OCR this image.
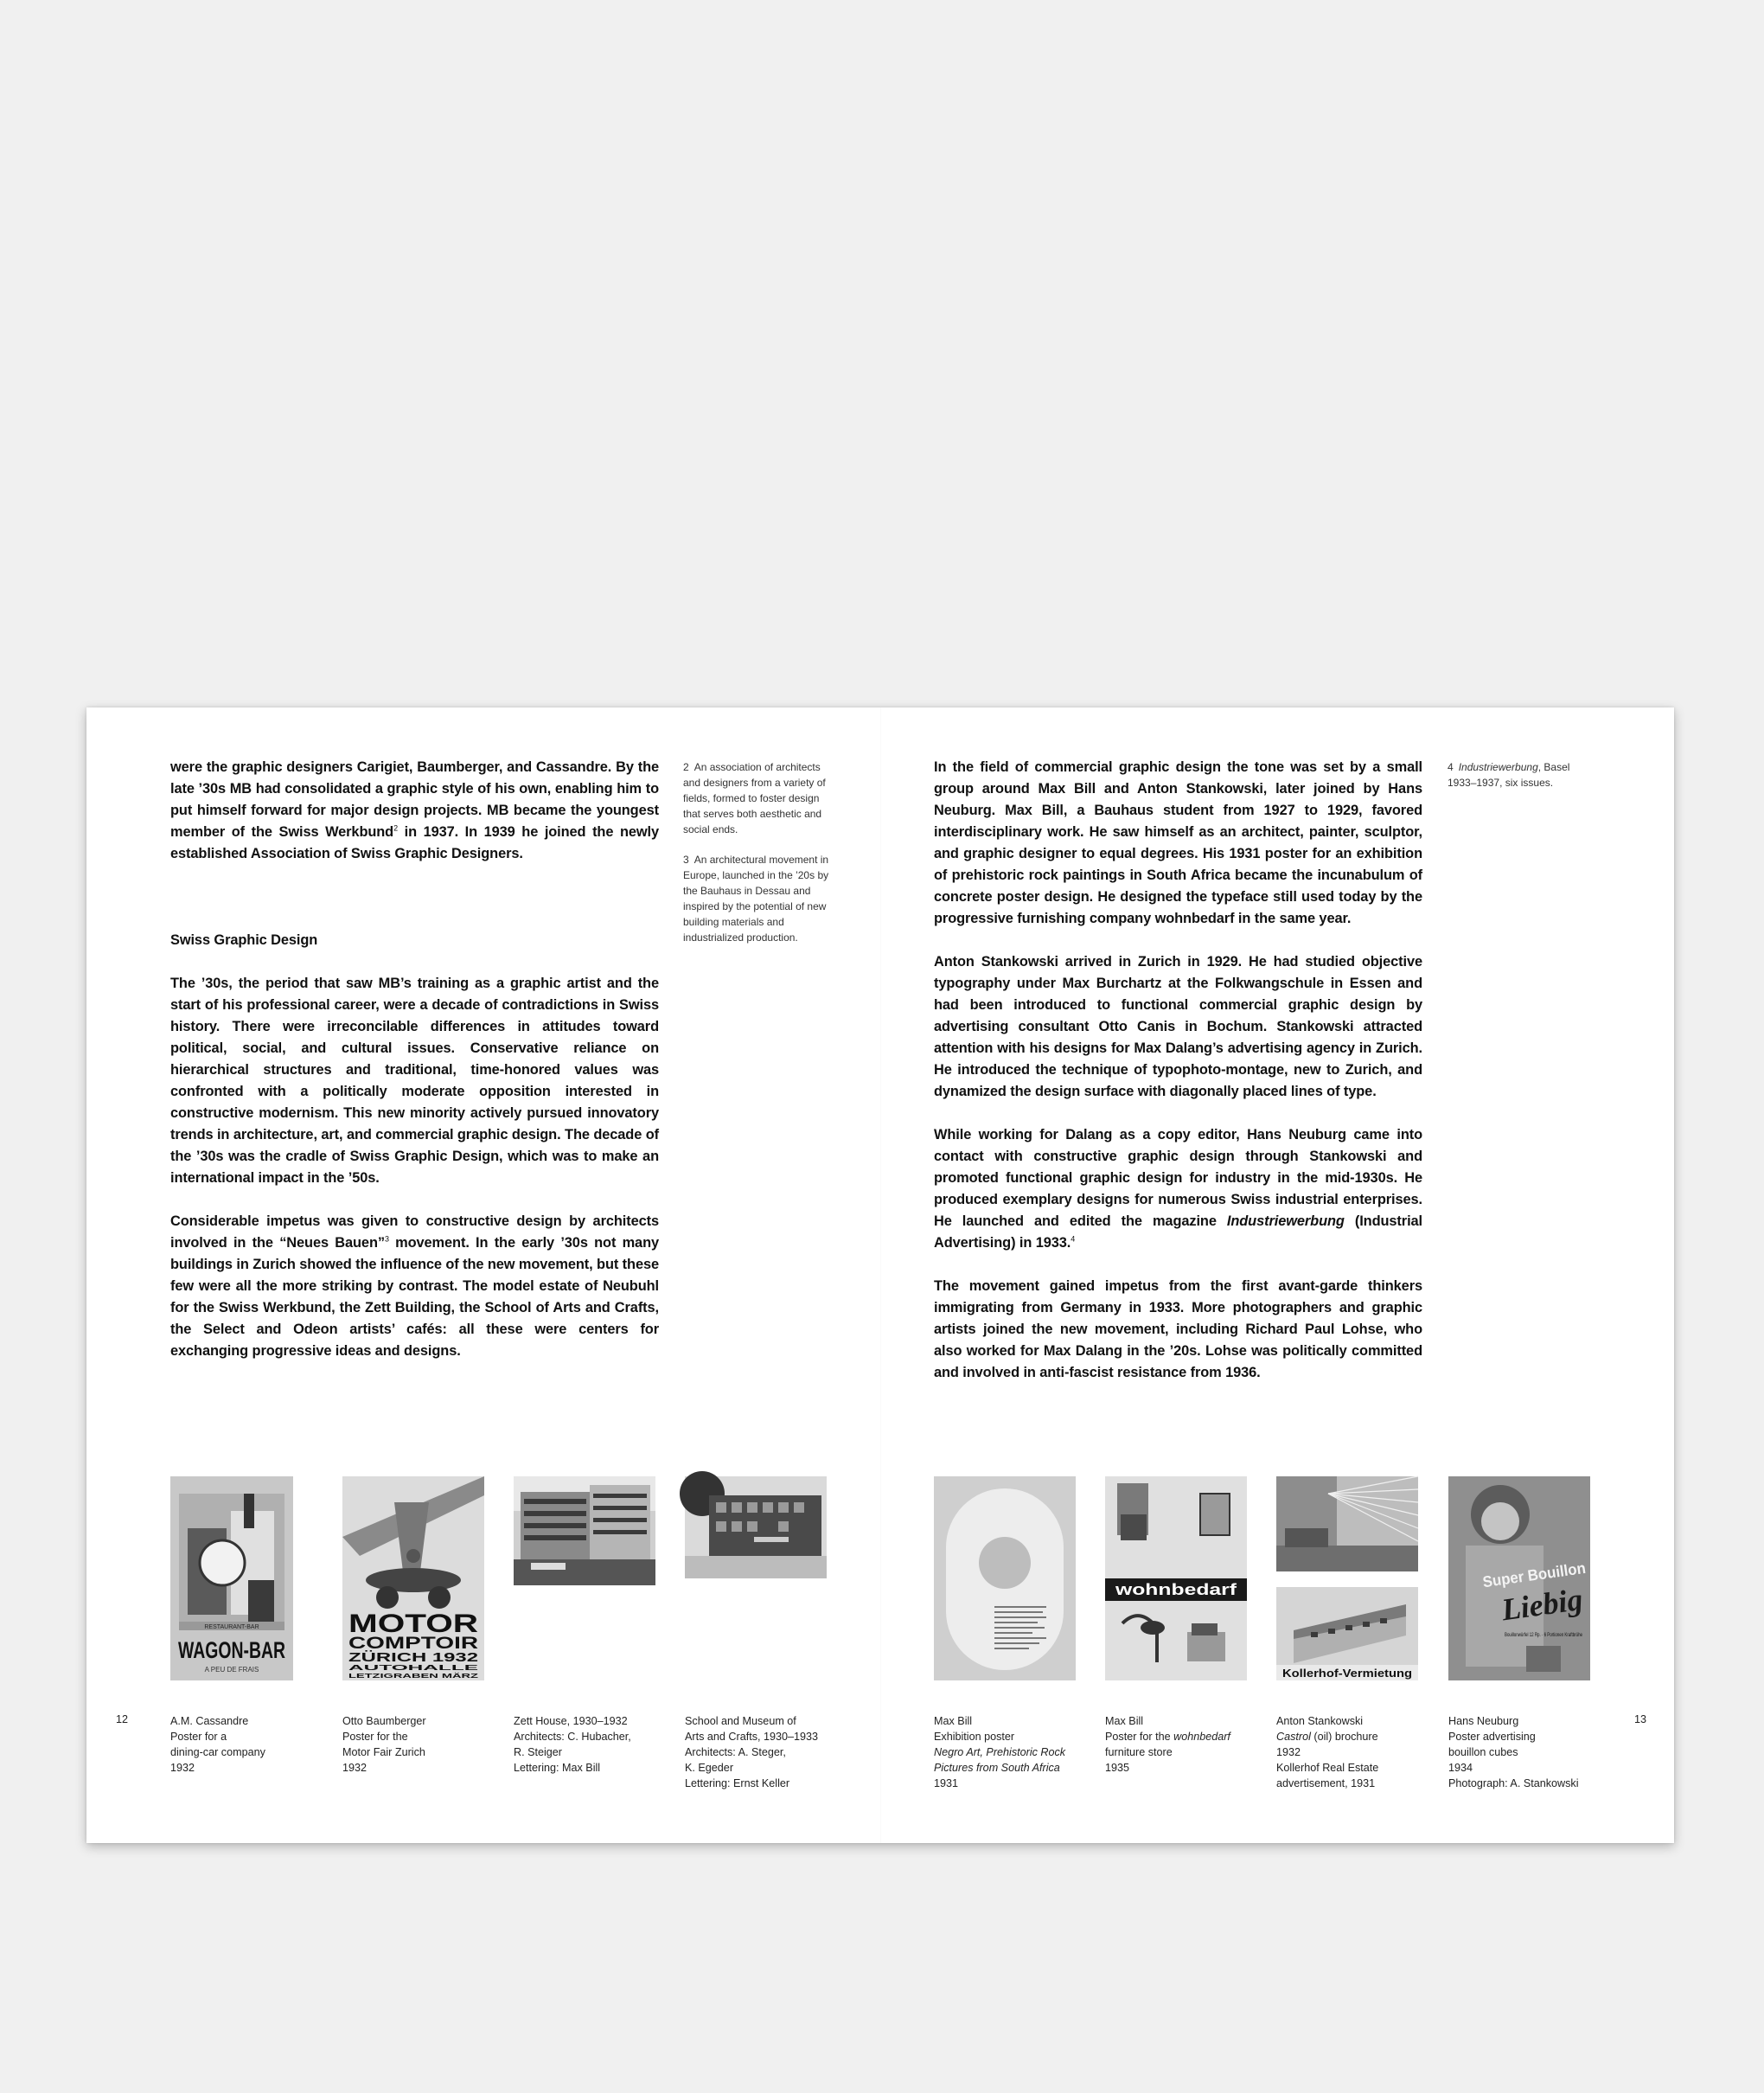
were the graphic designers Carigiet, Baumberger, and Cassandre. By the late ’30s MB had consolidated a graphic style of his own, enabling him to put himself forward for major design projects. MB became the youngest member of the Swiss Werkbund$^2$ in 1937. In 1939 he joined the newly established Association of Swiss Graphic Designers.

Swiss Graphic Design

The ’30s, the period that saw MB’s training as a graphic artist and the start of his professional career, were a decade of contradictions in Swiss history. There were irreconcilable differences in attitudes toward political, social, and cultural issues. Conservative reliance on hierarchical structures and traditional, time-honored values was confronted with a politically moderate opposition interested in constructive modernism. This new minority actively pursued innovatory trends in architecture, art, and commercial graphic design. The decade of the ’30s was the cradle of Swiss Graphic Design, which was to make an international impact in the ’50s.

Considerable impetus was given to constructive design by architects involved in the “Neues Bauen”$^3$ movement. In the early ’30s not many buildings in Zurich showed the influence of the new movement, but these few were all the more striking by contrast. The model estate of Neubuhl for the Swiss Werkbund, the Zett Building, the School of Arts and Crafts, the Select and Odeon artists’ cafés: all these were centers for exchanging progressive ideas and designs.

2 An association of architects and designers from a variety of fields, formed to foster design that serves both aesthetic and social ends.

3 An architectural movement in Europe, launched in the ’20s by the Bauhaus in Dessau and inspired by the potential of new building materials and industrialized production.

In the field of commercial graphic design the tone was set by a small group around Max Bill and Anton Stankowski, later joined by Hans Neuburg. Max Bill, a Bauhaus student from 1927 to 1929, favored interdisciplinary work. He saw himself as an architect, painter, sculptor, and graphic designer to equal degrees. His 1931 poster for an exhibition of prehistoric rock paintings in South Africa became the incunabulum of concrete poster design. He designed the typeface still used today by the progressive furnishing company wohnbedarf in the same year.

Anton Stankowski arrived in Zurich in 1929. He had studied objective typography under Max Burchartz at the Folkwangschule in Essen and had been introduced to functional commercial graphic design by advertising consultant Otto Canis in Bochum. Stankowski attracted attention with his designs for Max Dalang’s advertising agency in Zurich. He introduced the technique of typophoto-montage, new to Zurich, and dynamized the design surface with diagonally placed lines of type.

While working for Dalang as a copy editor, Hans Neuburg came into contact with constructive graphic design through Stankowski and promoted functional graphic design for industry in the mid-1930s. He produced exemplary designs for numerous Swiss industrial enterprises. He launched and edited the magazine Industriewerbung (Industrial Advertising) in 1933.$^4$

The movement gained impetus from the first avant-garde thinkers immigrating from Germany in 1933. More photographers and graphic artists joined the new movement, including Richard Paul Lohse, who also worked for Max Dalang in the ’20s. Lohse was politically committed and involved in anti-fascist resistance from 1936.

4 Industriewerbung, Basel
1933–1937, six issues.

RESTAURANT-BAR
WAGON-BAR
A PEU DE FRAIS
MOTOR
COMPTOIR
ZÜRICH 1932
AUTOHALLE
LETZIGRABEN MÄRZ
wohnbedarf
Kollerhof-Vermietung
Super Bouillon
Liebig
Bouillonwürfel 12 Rp. · 6 Portionen Kraftbrühe
12	13
A.M. Cassandre
Poster for a
dining-car company
1932
Otto Baumberger
Poster for the
Motor Fair Zurich
1932
Zett House, 1930–1932
Architects: C. Hubacher,
R. Steiger
Lettering: Max Bill
School and Museum of
Arts and Crafts, 1930–1933
Architects: A. Steger,
K. Egeder
Lettering: Ernst Keller
Max Bill
Exhibition poster
Negro Art, Prehistoric Rock
Pictures from South Africa
1931
Max Bill
Poster for the wohnbedarf
furniture store
1935
Anton Stankowski
Castrol (oil) brochure
1932
Kollerhof Real Estate
advertisement, 1931
Hans Neuburg
Poster advertising
bouillon cubes
1934
Photograph: A. Stankowski
